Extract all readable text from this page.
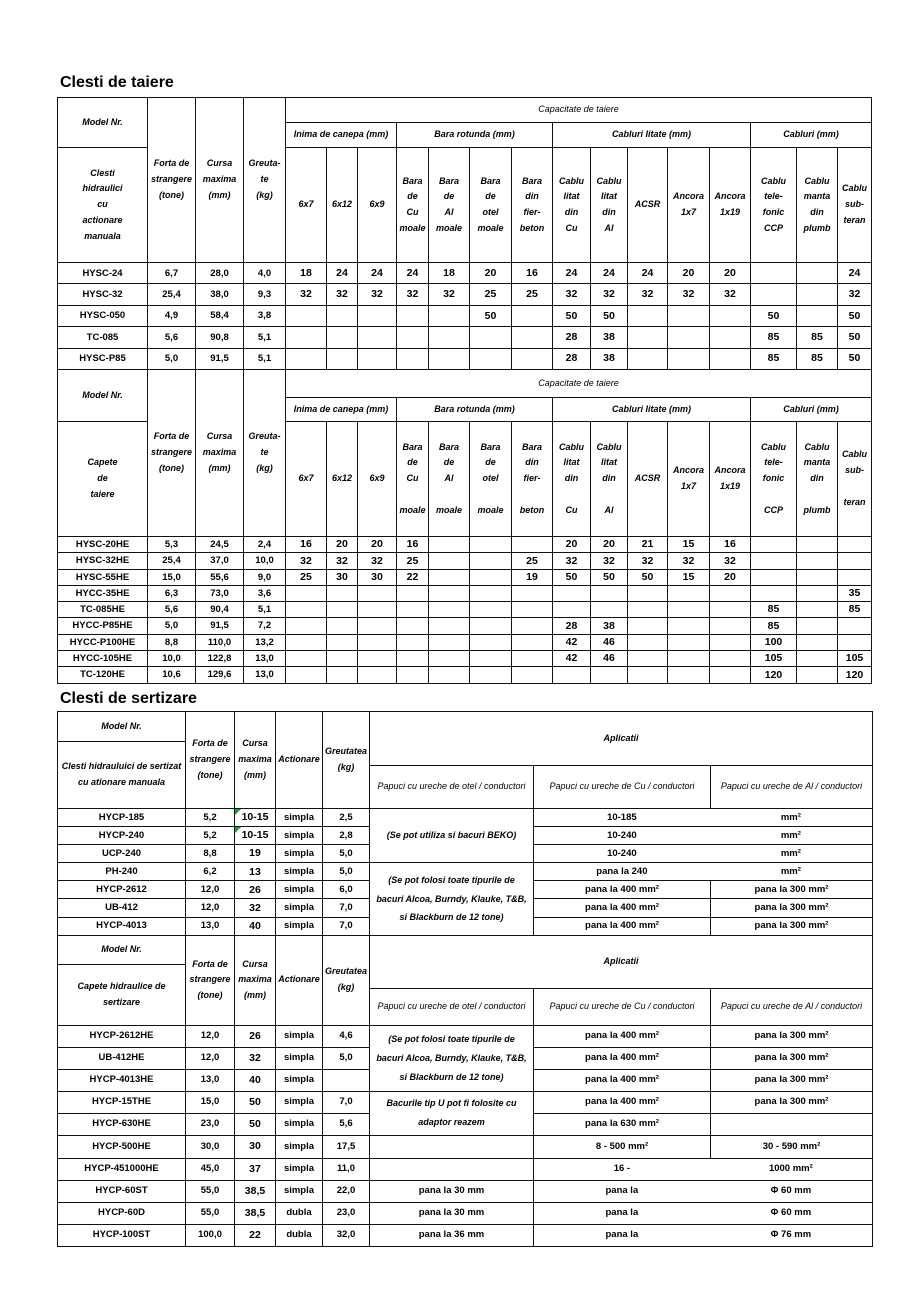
Clesti de taiere
Model Nr.	Forta de
strangere
(tone)	Cursa
maxima
(mm)	Greuta-
te
(kg)	Capacitate de taiere														
				Inima de canepa (mm)			Bara rotunda (mm)				Cabluri litate (mm)					Cabluri (mm)		
Clesti
hidraulici
cu
actionare
manuala				6x7	6x12	6x9	Bara
de
Cu
moale	Bara
de
Al
moale	Bara
de
otel
moale	Bara
din
fier-
beton	Cablu
litat
din
Cu	Cablu
litat
din
Al	ACSR	Ancora
1x7	Ancora
1x19	Cablu
tele-
fonic
CCP	Cablu
manta
din
plumb	Cablu
sub-
teran
HYSC-24	6,7	28,0	4,0	18	24	24	24	18	20	16	24	24	24	20	20			24
HYSC-32	25,4	38,0	9,3	32	32	32	32	32	25	25	32	32	32	32	32			32
HYSC-050	4,9	58,4	3,8						50		50	50				50		50
TC-085	5,6	90,8	5,1								28	38				85	85	50
HYSC-P85	5,0	91,5	5,1								28	38				85	85	50
Model Nr.	Forta de
strangere
(tone)	Cursa
maxima
(mm)	Greuta-
te
(kg)	Capacitate de taiere														
				Inima de canepa (mm)			Bara rotunda (mm)				Cabluri litate (mm)					Cabluri (mm)		
Capete
de
taiere				6x7	6x12	6x9	Bara
de
Cu

moale	Bara
de
Al

moale	Bara
de
otel

moale	Bara
din
fier-

beton	Cablu
litat
din

Cu	Cablu
litat
din

Al	ACSR	Ancora
1x7	Ancora
1x19	Cablu
tele-
fonic

CCP	Cablu
manta
din

plumb	Cablu
sub-

teran
HYSC-20HE	5,3	24,5	2,4	16	20	20	16				20	20	21	15	16			
HYSC-32HE	25,4	37,0	10,0	32	32	32	25			25	32	32	32	32	32			
HYSC-55HE	15,0	55,6	9,0	25	30	30	22			19	50	50	50	15	20			
HYCC-35HE	6,3	73,0	3,6															35
TC-085HE	5,6	90,4	5,1													85		85
HYCC-P85HE	5,0	91,5	7,2								28	38				85		
HYCC-P100HE	8,8	110,0	13,2								42	46				100		
HYCC-105HE	10,0	122,8	13,0								42	46				105		105
TC-120HE	10,6	129,6	13,0													120		120
Clesti de sertizare
Model Nr.	Forta de
strangere
(tone)	Cursa
maxima
(mm)	Actionare	Greutatea
(kg)	Aplicatii		
Clesti hidrauluici de sertizat
cu ationare manuala							
					Papuci cu ureche de otel / conductori	Papuci cu ureche de Cu / conductori	Papuci cu ureche de Al / conductori
HYCP-185	5,2	10-15	simpla	2,5	(Se pot utiliza si bacuri BEKO)	10-185 mm²	

HYCP-240	5,2	10-15	simpla	2,8		10-240 mm²	

UCP-240	8,8	19	simpla	5,0		10-240 mm²	

PH-240	6,2	13	simpla	5,0	(Se pot folosi toate tipurile de
bacuri Alcoa, Burndy, Klauke, T&B,
si Blackburn de 12 tone)	pana la 240 mm²	

HYCP-2612	12,0	26	simpla	6,0		pana la 400 mm²	pana la 300 mm²
UB-412	12,0	32	simpla	7,0		pana la 400 mm²	pana la 300 mm²
HYCP-4013	13,0	40	simpla	7,0		pana la 400 mm²	pana la 300 mm²
Model Nr.	Forta de
strangere
(tone)	Cursa
maxima
(mm)	Actionare	Greutatea
(kg)	Aplicatii		
Capete hidraulice de
sertizare							
					Papuci cu ureche de otel / conductori	Papuci cu ureche de Cu / conductori	Papuci cu ureche de Al / conductori
HYCP-2612HE	12,0	26	simpla	4,6	(Se pot folosi toate tipurile de
bacuri Alcoa, Burndy, Klauke, T&B,
si Blackburn de 12 tone)	pana la 400 mm²	pana la 300 mm²
UB-412HE	12,0	32	simpla	5,0		pana la 400 mm²	pana la 300 mm²
HYCP-4013HE	13,0	40	simpla			pana la 400 mm²	pana la 300 mm²
HYCP-15THE	15,0	50	simpla	7,0	Bacurile tip U pot fi folosite cu
adaptor reazem	pana la 400 mm²	pana la 300 mm²
HYCP-630HE	23,0	50	simpla	5,6		pana la 630 mm²	
HYCP-500HE	30,0	30	simpla	17,5		8 - 500 mm²	30 - 590 mm²
HYCP-451000HE	45,0	37	simpla	11,0		16 - 1000 mm²	

HYCP-60ST	55,0	38,5	simpla	22,0	pana la 30 mm	pana la Φ 60 mm	

HYCP-60D	55,0	38,5	dubla	23,0	pana la 30 mm	pana la Φ 60 mm	

HYCP-100ST	100,0	22	dubla	32,0	pana la 36 mm	pana la Φ 76 mm	
